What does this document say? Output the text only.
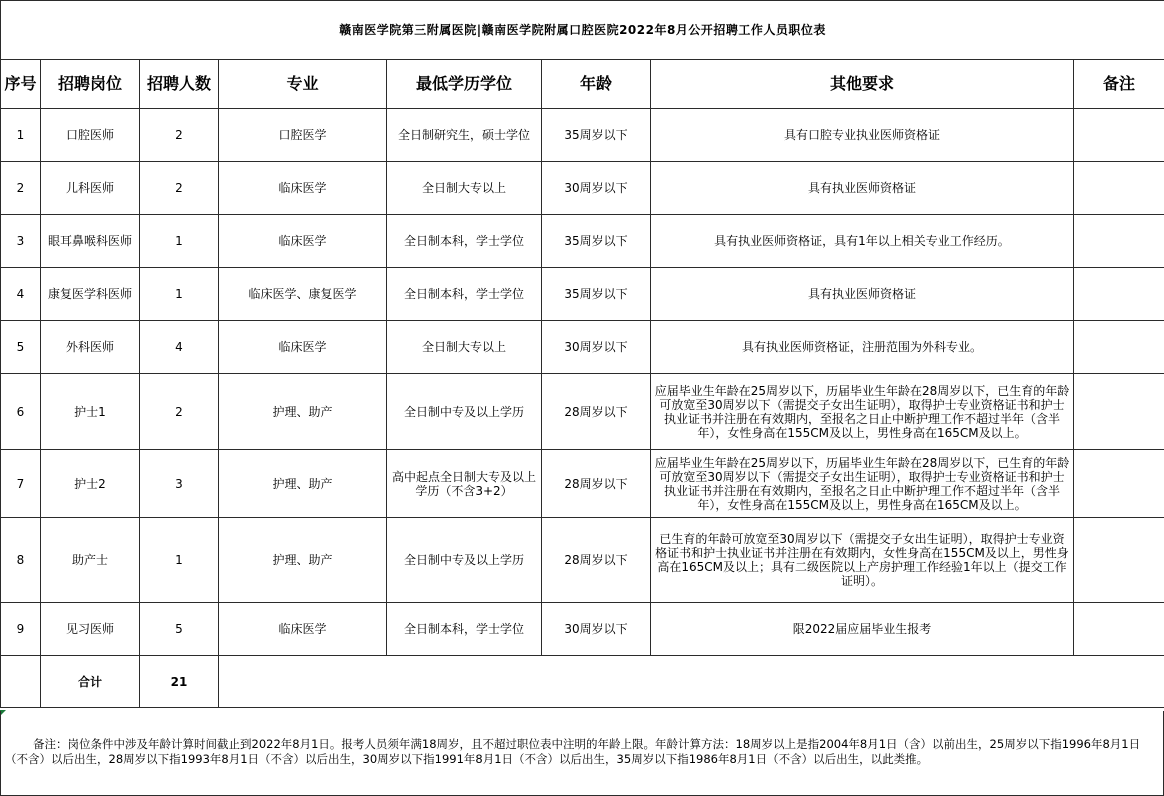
赣南医学院第三附属医院|赣南医学院附属口腔医院2022年8月公开招聘工作人员职位表							
序号	招聘岗位	招聘人数	专业	最低学历学位	年龄	其他要求	备注
1	口腔医师	2	口腔医学	全日制研究生，硕士学位	35周岁以下	具有口腔专业执业医师资格证	
2	儿科医师	2	临床医学	全日制大专以上	30周岁以下	具有执业医师资格证	
3	眼耳鼻喉科医师	1	临床医学	全日制本科，学士学位	35周岁以下	具有执业医师资格证，具有1年以上相关专业工作经历。	
4	康复医学科医师	1	临床医学、康复医学	全日制本科，学士学位	35周岁以下	具有执业医师资格证	
5	外科医师	4	临床医学	全日制大专以上	30周岁以下	具有执业医师资格证，注册范围为外科专业。	
6	护士1	2	护理、助产	全日制中专及以上学历	28周岁以下	应届毕业生年龄在25周岁以下，历届毕业生年龄在28周岁以下，已生育的年龄可放宽至30周岁以下（需提交子女出生证明），取得护士专业资格证书和护士执业证书并注册在有效期内，至报名之日止中断护理工作不超过半年（含半年），女性身高在155CM及以上，男性身高在165CM及以上。	
7	护士2	3	护理、助产	高中起点全日制大专及以上学历（不含3+2）	28周岁以下	应届毕业生年龄在25周岁以下，历届毕业生年龄在28周岁以下，已生育的年龄可放宽至30周岁以下（需提交子女出生证明），取得护士专业资格证书和护士执业证书并注册在有效期内，至报名之日止中断护理工作不超过半年（含半年），女性身高在155CM及以上，男性身高在165CM及以上。	
8	助产士	1	护理、助产	全日制中专及以上学历	28周岁以下	已生育的年龄可放宽至30周岁以下（需提交子女出生证明），取得护士专业资格证书和护士执业证书并注册在有效期内，女性身高在155CM及以上，男性身高在165CM及以上；具有二级医院以上产房护理工作经验1年以上（提交工作证明）。	
9	见习医师	5	临床医学	全日制本科，学士学位	30周岁以下	限2022届应届毕业生报考	
	合计	21					
备注：岗位条件中涉及年龄计算时间截止到2022年8月1日。报考人员须年满18周岁，且不超过职位表中注明的年龄上限。年龄计算方法：18周岁以上是指2004年8月1日（含）以前出生，25周岁以下指1996年8月1日（不含）以后出生，28周岁以下指1993年8月1日（不含）以后出生，30周岁以下指1991年8月1日（不含）以后出生，35周岁以下指1986年8月1日（不含）以后出生，以此类推。
